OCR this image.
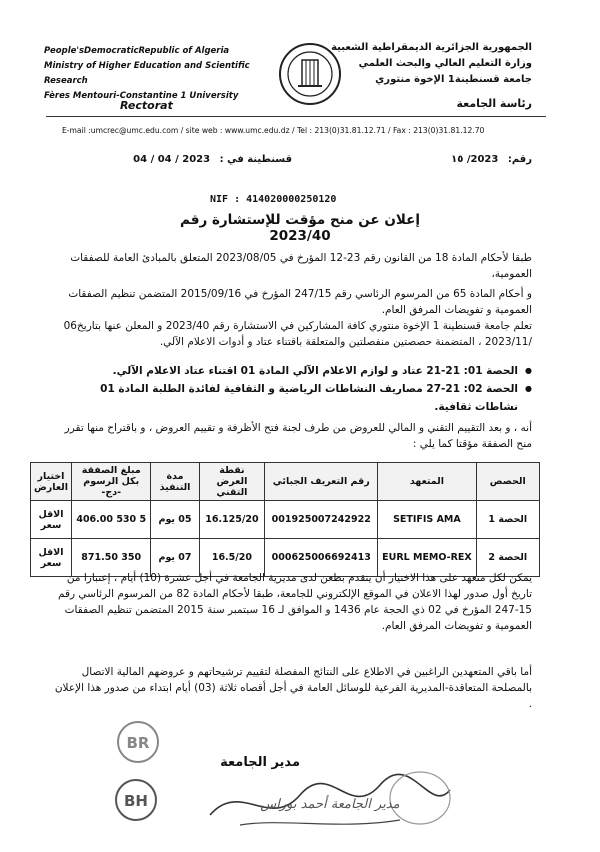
People'sDemocraticRepublic of Algeria
Ministry of Higher Education and Scientific Research
Fères Mentouri-Constantine 1 University
الجمهورية الجزائرية الديمقراطية الشعبية
وزارة التعليم العالي والبحث العلمي
جامعة قسنطينة1 الإخوة منتوري
Rectorat	رئاسة الجامعة
E-mail :umcrec@umc.edu.com / site web : www.umc.edu.dz / Tel : 213(0)31.81.12.71 / Fax : 213(0)31.81.12.70
رقم: 2023/ ١٥
قسنطينة في : 2023 / 04 / 04
NIF : 414020000250120
إعلان عن منح مؤقت للإستشارة رقم 2023/40
طبقا لأحكام المادة 18 من القانون رقم 23-12 المؤرخ في 2023/08/05 المتعلق بالمبادئ العامة للصفقات العمومية،
و أحكام المادة 65 من المرسوم الرئاسي رقم 247/15 المؤرخ في 2015/09/16 المتضمن تنظيم الصفقات العمومية و تفويضات المرفق العام.
تعلم جامعة قسنطينة 1 الإخوة منتوري كافة المشاركين في الاستشارة رقم 2023/40 و المعلن عنها بتاريخ06 /2023/11 ، المتضمنة حصصتين منفصلتين والمتعلقة باقتناء عتاد و أدوات الاعلام الآلي.
● الحصة 01: 21-21 عتاد و لوازم الاعلام الآلي المادة 01 اقتناء عتاد الاعلام الآلي.
● الحصة 02: 21-27 مصاريف النشاطات الرياضية و الثقافية لفائدة الطلبة المادة 01 نشاطات ثقافية.
أنه ، و بعد التقييم التقني و المالي للعروض من طرف لجنة فتح الأظرفة و تقييم العروض ، و باقتراح منها تقرر منح الصفقة مؤقتا كما يلي :
الحصص	المتعهد	رقم التعريف الجبائي	نقطة العرض التقني	مدة التنفيذ	مبلغ الصفقة بكل الرسوم -دج-	اختيار العارض
الحصة 1	SETIFIS AMA	001925007242922	16.125/20	05 يوم	5 530 406.00	الاقل سعر
الحصة 2	EURL MEMO-REX	000625006692413	16.5/20	07 يوم	350 871.50	الاقل سعر
يمكن لكل متعهد على هذا الاختيار أن يتقدم بطعن لدى مديرية الجامعة في أجل عشرة (10) أيام ، إعتبارا من تاريخ أول صدور لهذا الاعلان في الموقع الإلكتروني للجامعة، طبقا لأحكام المادة 82 من المرسوم الرئاسي رقم 15-247 المؤرخ في 02 ذي الحجة عام 1436 و الموافق لـ 16 سبتمبر سنة 2015 المتضمن تنظيم الصفقات العمومية و تفويضات المرفق العام.
أما باقي المتعهدين الراغبين في الاطلاع على النتائج المفصلة لتقييم ترشيحاتهم و عروضهم المالية الاتصال بالمصلحة المتعاقدة-المديرية الفرعية للوسائل العامة في أجل أقصاه ثلاثة (03) أيام ابتداء من صدور هذا الإعلان .
مدير الجامعة
BR
BH	مدير الجامعة أحمد بوراس
